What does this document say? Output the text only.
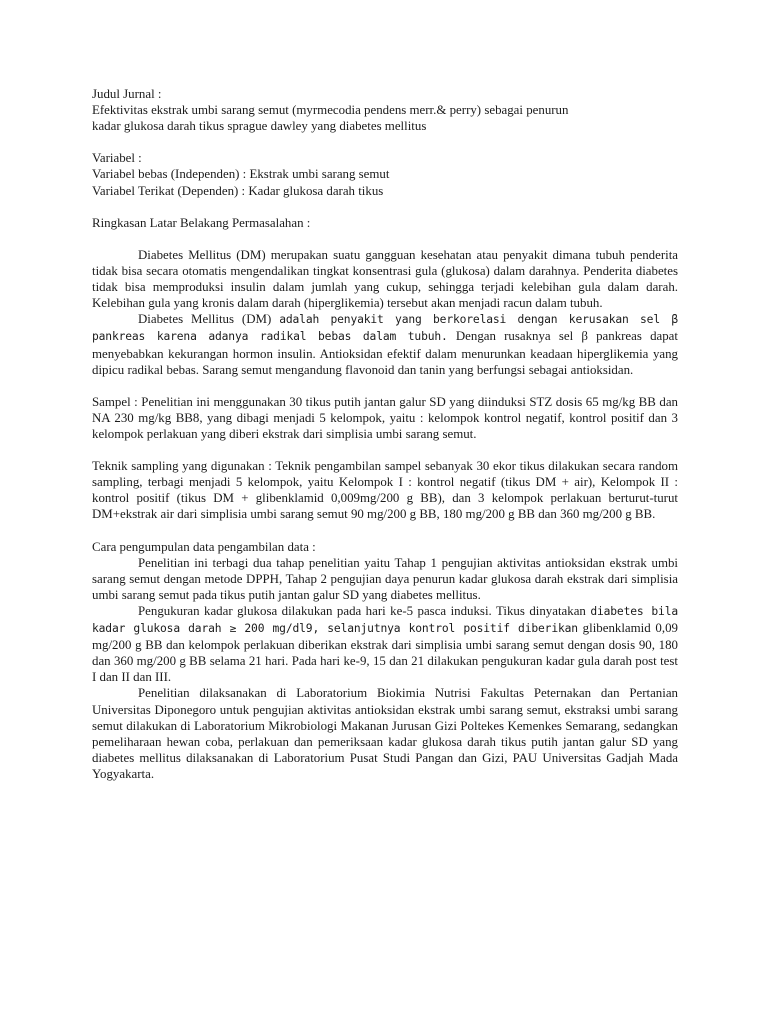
Judul Jurnal :
Efektivitas ekstrak umbi sarang semut (myrmecodia pendens merr.& perry) sebagai penurun
kadar glukosa darah tikus sprague dawley yang diabetes mellitus
Variabel :
Variabel bebas (Independen) : Ekstrak umbi sarang semut
Variabel Terikat (Dependen) : Kadar glukosa darah tikus
Ringkasan Latar Belakang Permasalahan :

Diabetes Mellitus (DM) merupakan suatu gangguan kesehatan atau penyakit dimana tubuh penderita tidak bisa secara otomatis mengendalikan tingkat konsentrasi gula (glukosa) dalam darahnya. Penderita diabetes tidak bisa memproduksi insulin dalam jumlah yang cukup, sehingga terjadi kelebihan gula dalam darah. Kelebihan gula yang kronis dalam darah (hiperglikemia) tersebut akan menjadi racun dalam tubuh.

Diabetes Mellitus (DM) adalah penyakit yang berkorelasi dengan kerusakan sel β pankreas karena adanya radikal bebas dalam tubuh. Dengan rusaknya sel β pankreas dapat menyebabkan kekurangan hormon insulin. Antioksidan efektif dalam menurunkan keadaan hiperglikemia yang dipicu radikal bebas. Sarang semut mengandung flavonoid dan tanin yang berfungsi sebagai antioksidan.

Sampel : Penelitian ini menggunakan 30 tikus putih jantan galur SD yang diinduksi STZ dosis 65 mg/kg BB dan NA 230 mg/kg BB8, yang dibagi menjadi 5 kelompok, yaitu : kelompok kontrol negatif, kontrol positif dan 3 kelompok perlakuan yang diberi ekstrak dari simplisia umbi sarang semut.

Teknik sampling yang digunakan : Teknik pengambilan sampel sebanyak 30 ekor tikus dilakukan secara random sampling, terbagi menjadi 5 kelompok, yaitu Kelompok I : kontrol negatif (tikus DM + air), Kelompok II : kontrol positif (tikus DM + glibenklamid 0,009mg/200 g BB), dan 3 kelompok perlakuan berturut-turut DM+ekstrak air dari simplisia umbi sarang semut 90 mg/200 g BB, 180 mg/200 g BB dan 360 mg/200 g BB.

Cara pengumpulan data pengambilan data :

Penelitian ini terbagi dua tahap penelitian yaitu Tahap 1 pengujian aktivitas antioksidan ekstrak umbi sarang semut dengan metode DPPH, Tahap 2 pengujian daya penurun kadar glukosa darah ekstrak dari simplisia umbi sarang semut pada tikus putih jantan galur SD yang diabetes mellitus.

Pengukuran kadar glukosa dilakukan pada hari ke-5 pasca induksi. Tikus dinyatakan diabetes bila kadar glukosa darah ≥ 200 mg/dl9, selanjutnya kontrol positif diberikan glibenklamid 0,09 mg/200 g BB dan kelompok perlakuan diberikan ekstrak dari simplisia umbi sarang semut dengan dosis 90, 180 dan 360 mg/200 g BB selama 21 hari. Pada hari ke-9, 15 dan 21 dilakukan pengukuran kadar gula darah post test I dan II dan III.

Penelitian dilaksanakan di Laboratorium Biokimia Nutrisi Fakultas Peternakan dan Pertanian Universitas Diponegoro untuk pengujian aktivitas antioksidan ekstrak umbi sarang semut, ekstraksi umbi sarang semut dilakukan di Laboratorium Mikrobiologi Makanan Jurusan Gizi Poltekes Kemenkes Semarang, sedangkan pemeliharaan hewan coba, perlakuan dan pemeriksaan kadar glukosa darah tikus putih jantan galur SD yang diabetes mellitus dilaksanakan di Laboratorium Pusat Studi Pangan dan Gizi, PAU Universitas Gadjah Mada Yogyakarta.
